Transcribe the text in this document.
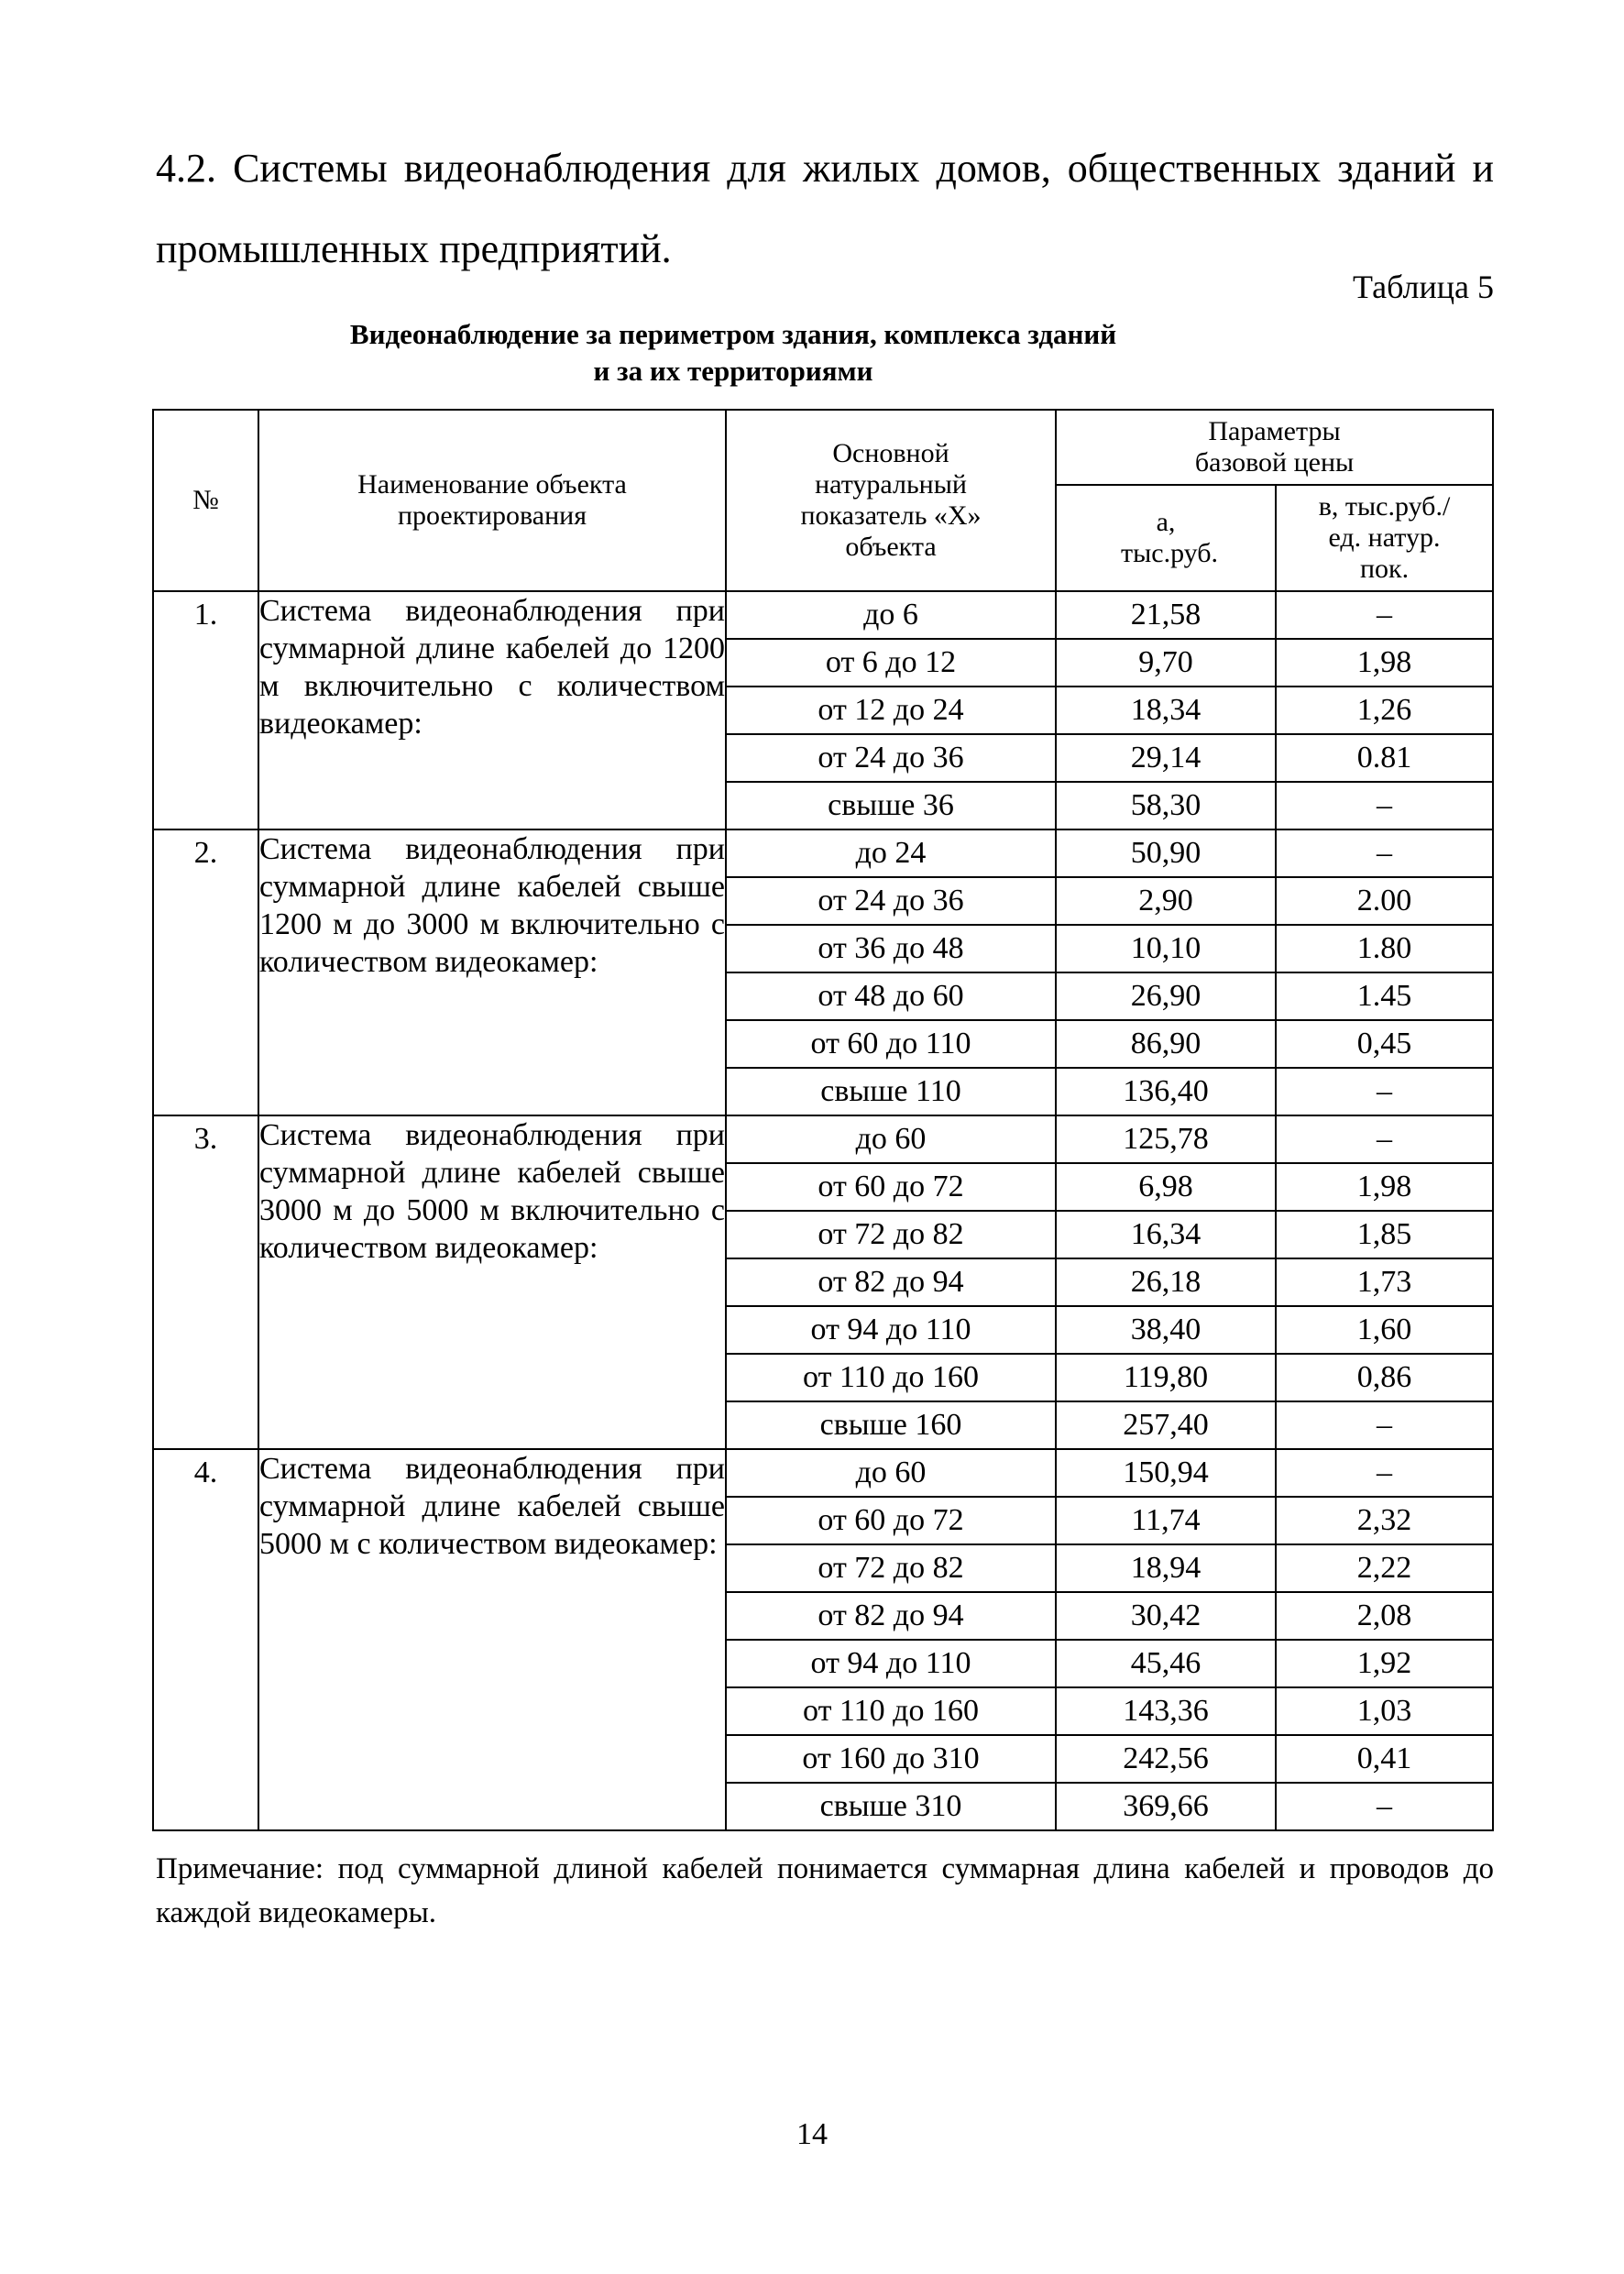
4.2. Системы видеонаблюдения для жилых домов, общественных зданий и промышленных предприятий.
Таблица 5
Видеонаблюдение за периметром здания, комплекса зданий
и за их территориями
№	Наименование объекта проектирования	Основной натуральный показатель «X» объекта	Параметры базовой цены	
			а, тыс.руб.	в, тыс.руб./ед. натур. пок.
1.	Система видеонаблюдения при суммарной длине кабелей до 1200 м включительно с количеством видеокамер:	до 6	21,58	–
		от 6 до 12	9,70	1,98
		от 12 до 24	18,34	1,26
		от 24 до 36	29,14	0.81
		свыше 36	58,30	–
2.	Система видеонаблюдения при суммарной длине кабелей свыше 1200 м до 3000 м включительно с количеством видеокамер:	до 24	50,90	–
		от 24 до 36	2,90	2.00
		от 36 до 48	10,10	1.80
		от 48 до 60	26,90	1.45
		от 60 до 110	86,90	0,45
		свыше 110	136,40	–
3.	Система видеонаблюдения при суммарной длине кабелей свыше 3000 м до 5000 м включительно с количеством видеокамер:	до 60	125,78	–
		от 60 до 72	6,98	1,98
		от 72 до 82	16,34	1,85
		от 82 до 94	26,18	1,73
		от 94 до 110	38,40	1,60
		от 110 до 160	119,80	0,86
		свыше 160	257,40	–
4.	Система видеонаблюдения при суммарной длине кабелей свыше 5000 м с количеством видеокамер:	до 60	150,94	–
		от 60 до 72	11,74	2,32
		от 72 до 82	18,94	2,22
		от 82 до 94	30,42	2,08
		от 94 до 110	45,46	1,92
		от 110 до 160	143,36	1,03
		от 160 до 310	242,56	0,41
		свыше 310	369,66	–
Примечание: под суммарной длиной кабелей понимается суммарная длина кабелей и проводов до каждой видеокамеры.
14
